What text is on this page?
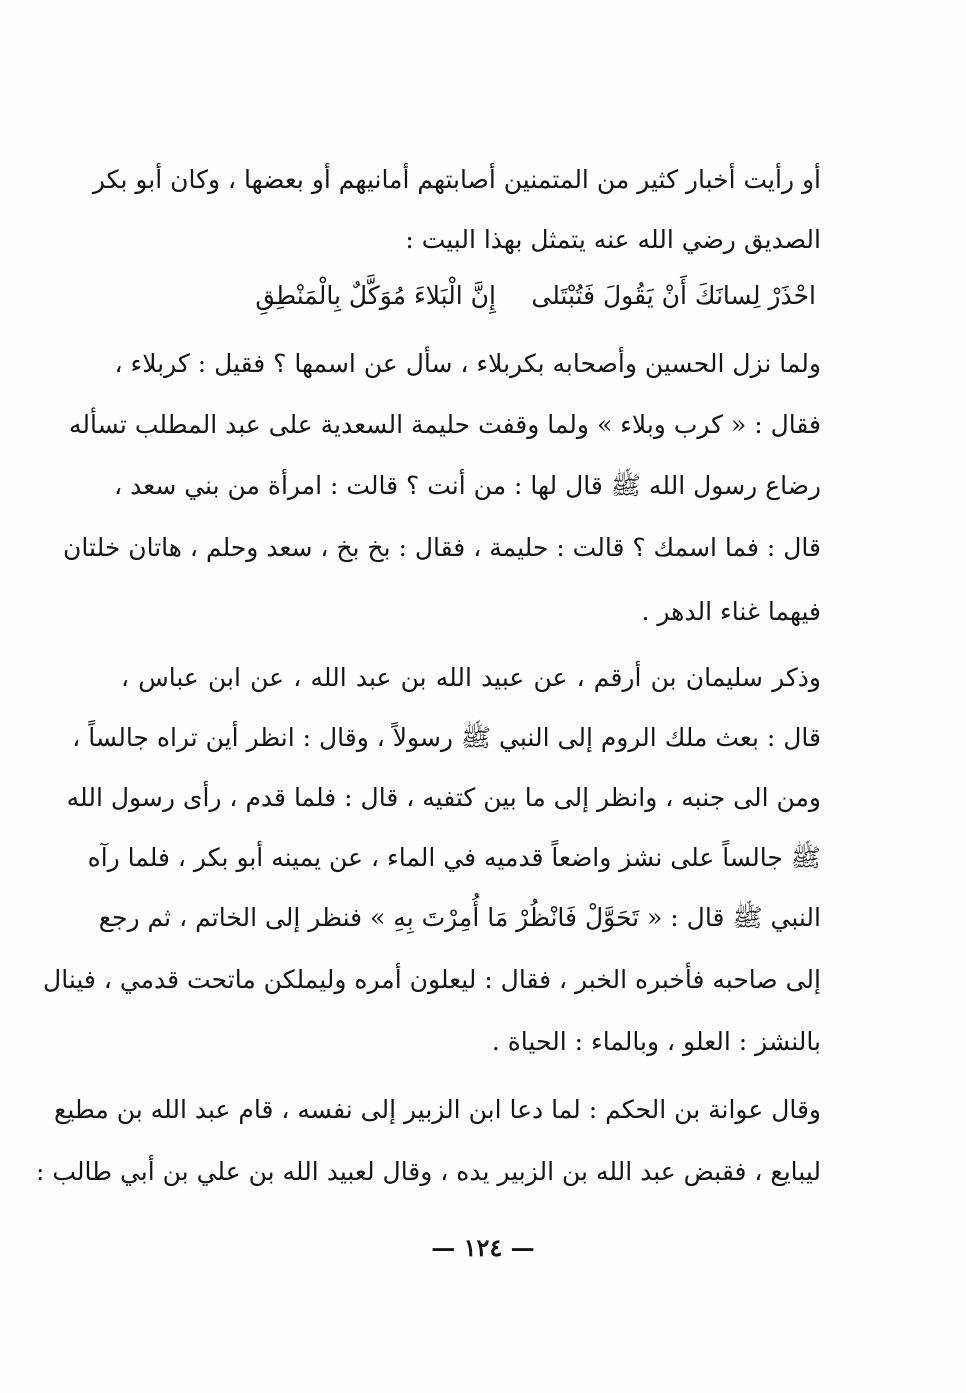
أو رأيت أخبار كثير من المتمنين أصابتهم أمانيهم أو بعضها ، وكان أبو بكر
الصديق رضي الله عنه يتمثل بهذا البيت :
احْذَرْ لِسانَكَ أَنْ يَقُولَ فَتُبْتَلى
إِنَّ الْبَلاءَ مُوَكَّلٌ بِالْمَنْطِقِ
ولما نزل الحسين وأصحابه بكربلاء ، سأل عن اسمها ؟ فقيل : كربلاء ،
فقال : « كرب وبلاء » ولما وقفت حليمة السعدية على عبد المطلب تسأله
رضاع رسول الله ﷺ قال لها : من أنت ؟ قالت : امرأة من بني سعد ،
قال : فما اسمك ؟ قالت : حليمة ، فقال : بخ بخ ، سعد وحلم ، هاتان خلتان
فيهما غناء الدهر .
وذكر سليمان بن أرقم ، عن عبيد الله بن عبد الله ، عن ابن عباس ،
قال : بعث ملك الروم إلى النبي ﷺ رسولاً ، وقال : انظر أين تراه جالساً ،
ومن الى جنبه ، وانظر إلى ما بين كتفيه ، قال : فلما قدم ، رأى رسول الله
ﷺ جالساً على نشز واضعاً قدميه في الماء ، عن يمينه أبو بكر ، فلما رآه
النبي ﷺ قال : « تَحَوَّلْ فَانْظُرْ مَا أُمِرْتَ بِهِ » فنظر إلى الخاتم ، ثم رجع
إلى صاحبه فأخبره الخبر ، فقال : ليعلون أمره وليملكن ماتحت قدمي ، فينال
بالنشز : العلو ، وبالماء : الحياة .
وقال عوانة بن الحكم : لما دعا ابن الزبير إلى نفسه ، قام عبد الله بن مطيع
ليبايع ، فقبض عبد الله بن الزبير يده ، وقال لعبيد الله بن علي بن أبي طالب :
— ١٢٤ —
